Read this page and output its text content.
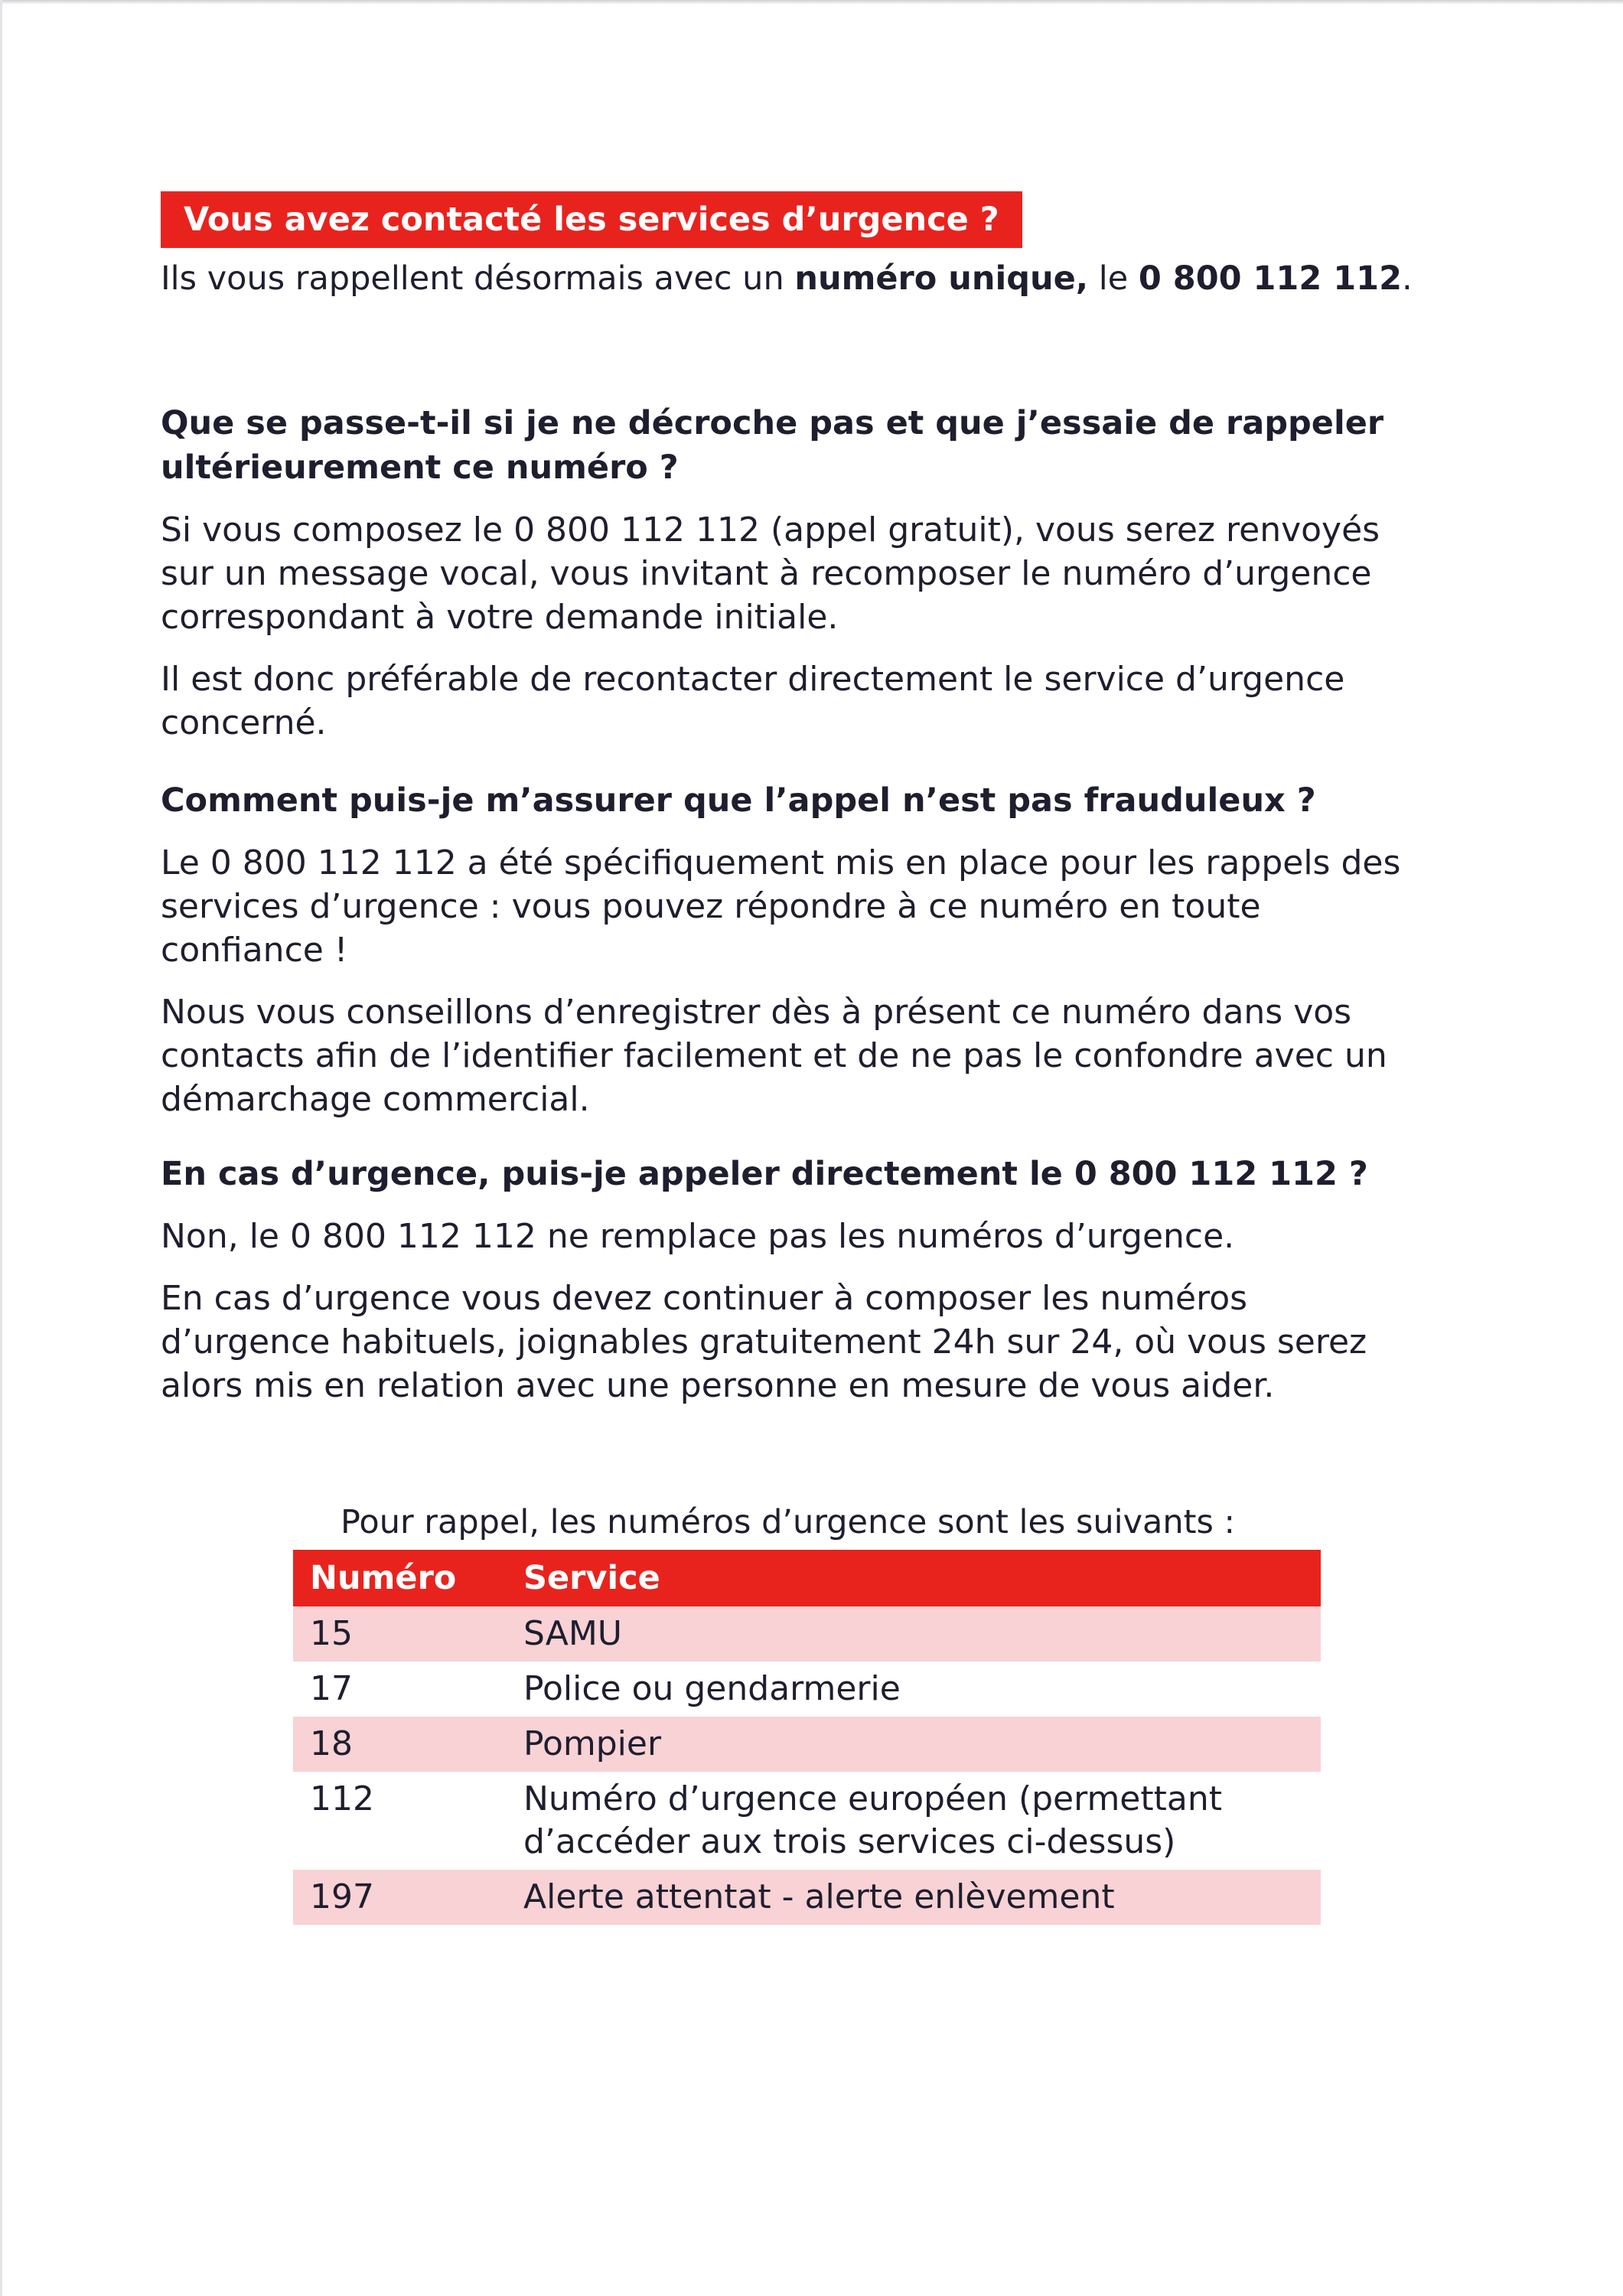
Vous avez contacté les services d’urgence ?

Ils vous rappellent désormais avec un numéro unique, le 0 800 112 112.

Que se passe-t-il si je ne décroche pas et que j’essaie de rappeler ultérieurement ce numéro ?

Si vous composez le 0 800 112 112 (appel gratuit), vous serez renvoyés sur un message vocal, vous invitant à recomposer le numéro d’urgence correspondant à votre demande initiale.

Il est donc préférable de recontacter directement le service d’urgence concerné.

Comment puis-je m’assurer que l’appel n’est pas frauduleux ?

Le 0 800 112 112 a été spécifiquement mis en place pour les rappels des services d’urgence : vous pouvez répondre à ce numéro en toute confiance !

Nous vous conseillons d’enregistrer dès à présent ce numéro dans vos contacts afin de l’identifier facilement et de ne pas le confondre avec un démarchage commercial.

En cas d’urgence, puis-je appeler directement le 0 800 112 112 ?

Non, le 0 800 112 112 ne remplace pas les numéros d’urgence.

En cas d’urgence vous devez continuer à composer les numéros d’urgence habituels, joignables gratuitement 24h sur 24, où vous serez alors mis en relation avec une personne en mesure de vous aider.

Pour rappel, les numéros d’urgence sont les suivants :

Numéro	Service
15	SAMU
17	Police ou gendarmerie
18	Pompier
112	Numéro d’urgence européen (permettant d’accéder aux trois services ci-dessus)
197	Alerte attentat - alerte enlèvement
